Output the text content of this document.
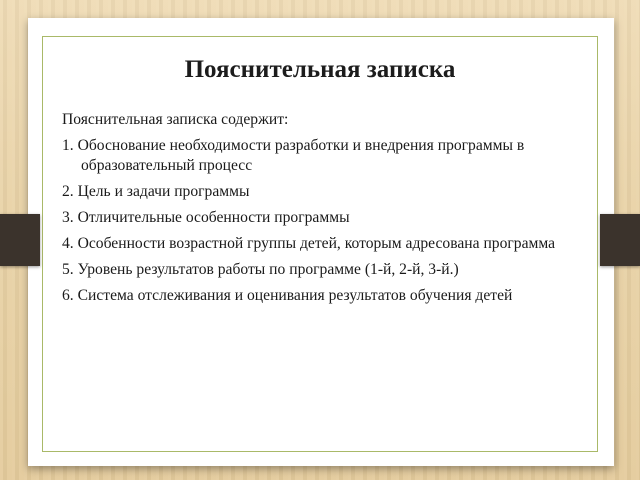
Пояснительная записка

Пояснительная записка содержит:

1. Обоснование необходимости разработки и внедрения программы в образовательный процесс
2. Цель и задачи программы
3. Отличительные особенности программы
4. Особенности возрастной группы детей, которым адресована программа
5. Уровень результатов работы по программе (1-й, 2-й, 3-й.)
6. Система отслеживания и оценивания результатов обучения детей
